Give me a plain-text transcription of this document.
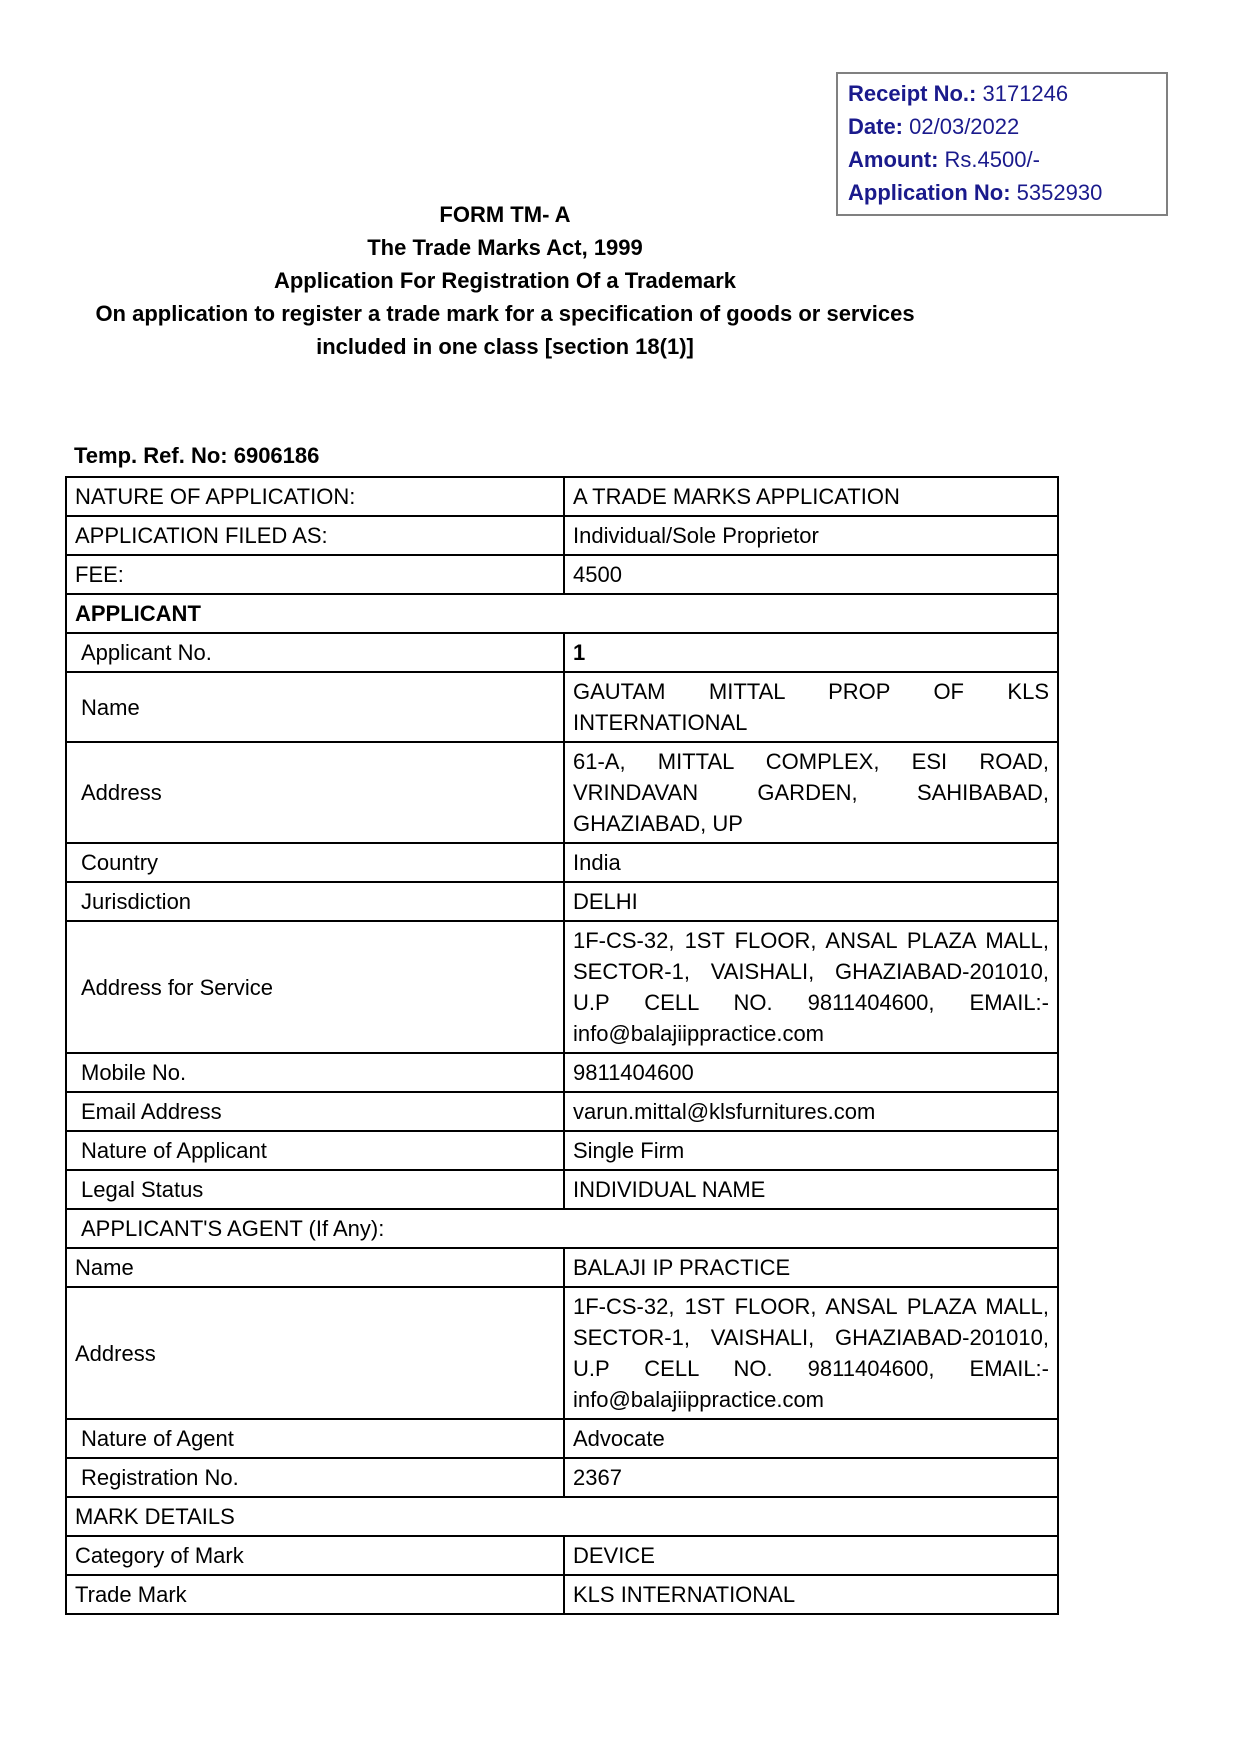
Receipt No.: 3171246
Date: 02/03/2022
Amount: Rs.4500/-
Application No: 5352930
FORM TM- A
The Trade Marks Act, 1999
Application For Registration Of a Trademark
On application to register a trade mark for a specification of goods or services
included in one class [section 18(1)]
Temp. Ref. No: 6906186
NATURE OF APPLICATION:	A TRADE MARKS APPLICATION
APPLICATION FILED AS:	Individual/Sole Proprietor
FEE:	4500
APPLICANT	
Applicant No.	1
Name	GAUTAM MITTAL PROP OF KLS INTERNATIONAL
Address	61-A, MITTAL COMPLEX, ESI ROAD, VRINDAVAN GARDEN, SAHIBABAD, GHAZIABAD, UP
Country	India
Jurisdiction	DELHI
Address for Service	1F-CS-32, 1ST FLOOR, ANSAL PLAZA MALL, SECTOR-1, VAISHALI, GHAZIABAD-201010, U.P CELL NO. 9811404600, EMAIL:- info@balajiippractice.com
Mobile No.	9811404600
Email Address	varun.mittal@klsfurnitures.com
Nature of Applicant	Single Firm
Legal Status	INDIVIDUAL NAME
APPLICANT'S AGENT (If Any):	
Name	BALAJI IP PRACTICE
Address	1F-CS-32, 1ST FLOOR, ANSAL PLAZA MALL, SECTOR-1, VAISHALI, GHAZIABAD-201010, U.P CELL NO. 9811404600, EMAIL:- info@balajiippractice.com
Nature of Agent	Advocate
Registration No.	2367
MARK DETAILS	
Category of Mark	DEVICE
Trade Mark	KLS INTERNATIONAL
